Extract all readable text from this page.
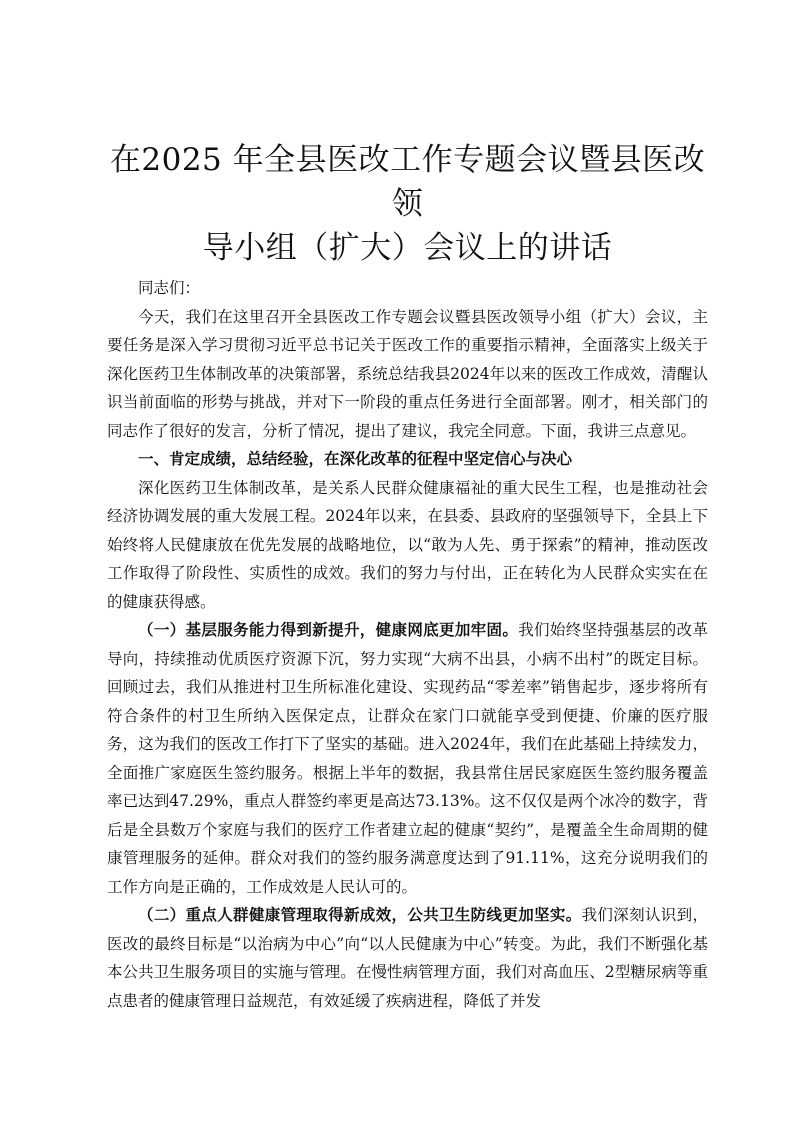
在2025 年全县医改工作专题会议暨县医改领
导小组（扩大）会议上的讲话

同志们：

今天，我们在这里召开全县医改工作专题会议暨县医改领导小组（扩大）会议，主要任务是深入学习贯彻习近平总书记关于医改工作的重要指示精神，全面落实上级关于深化医药卫生体制改革的决策部署，系统总结我县2024年以来的医改工作成效，清醒认识当前面临的形势与挑战，并对下一阶段的重点任务进行全面部署。刚才，相关部门的同志作了很好的发言，分析了情况，提出了建议，我完全同意。下面，我讲三点意见。

一、肯定成绩，总结经验，在深化改革的征程中坚定信心与决心

深化医药卫生体制改革，是关系人民群众健康福祉的重大民生工程，也是推动社会经济协调发展的重大发展工程。2024年以来，在县委、县政府的坚强领导下，全县上下始终将人民健康放在优先发展的战略地位，以“敢为人先、勇于探索”的精神，推动医改工作取得了阶段性、实质性的成效。我们的努力与付出，正在转化为人民群众实实在在的健康获得感。

（一）基层服务能力得到新提升，健康网底更加牢固。我们始终坚持强基层的改革导向，持续推动优质医疗资源下沉，努力实现“大病不出县，小病不出村”的既定目标。回顾过去，我们从推进村卫生所标准化建设、实现药品“零差率”销售起步，逐步将所有符合条件的村卫生所纳入医保定点，让群众在家门口就能享受到便捷、价廉的医疗服务，这为我们的医改工作打下了坚实的基础。进入2024年，我们在此基础上持续发力，全面推广家庭医生签约服务。根据上半年的数据，我县常住居民家庭医生签约服务覆盖率已达到47.29%，重点人群签约率更是高达73.13%。这不仅仅是两个冰冷的数字，背后是全县数万个家庭与我们的医疗工作者建立起的健康“契约”，是覆盖全生命周期的健康管理服务的延伸。群众对我们的签约服务满意度达到了91.11%，这充分说明我们的工作方向是正确的，工作成效是人民认可的。

（二）重点人群健康管理取得新成效，公共卫生防线更加坚实。我们深刻认识到，医改的最终目标是“以治病为中心”向“以人民健康为中心”转变。为此，我们不断强化基本公共卫生服务项目的实施与管理。在慢性病管理方面，我们对高血压、2型糖尿病等重点患者的健康管理日益规范，有效延缓了疾病进程，降低了并发
